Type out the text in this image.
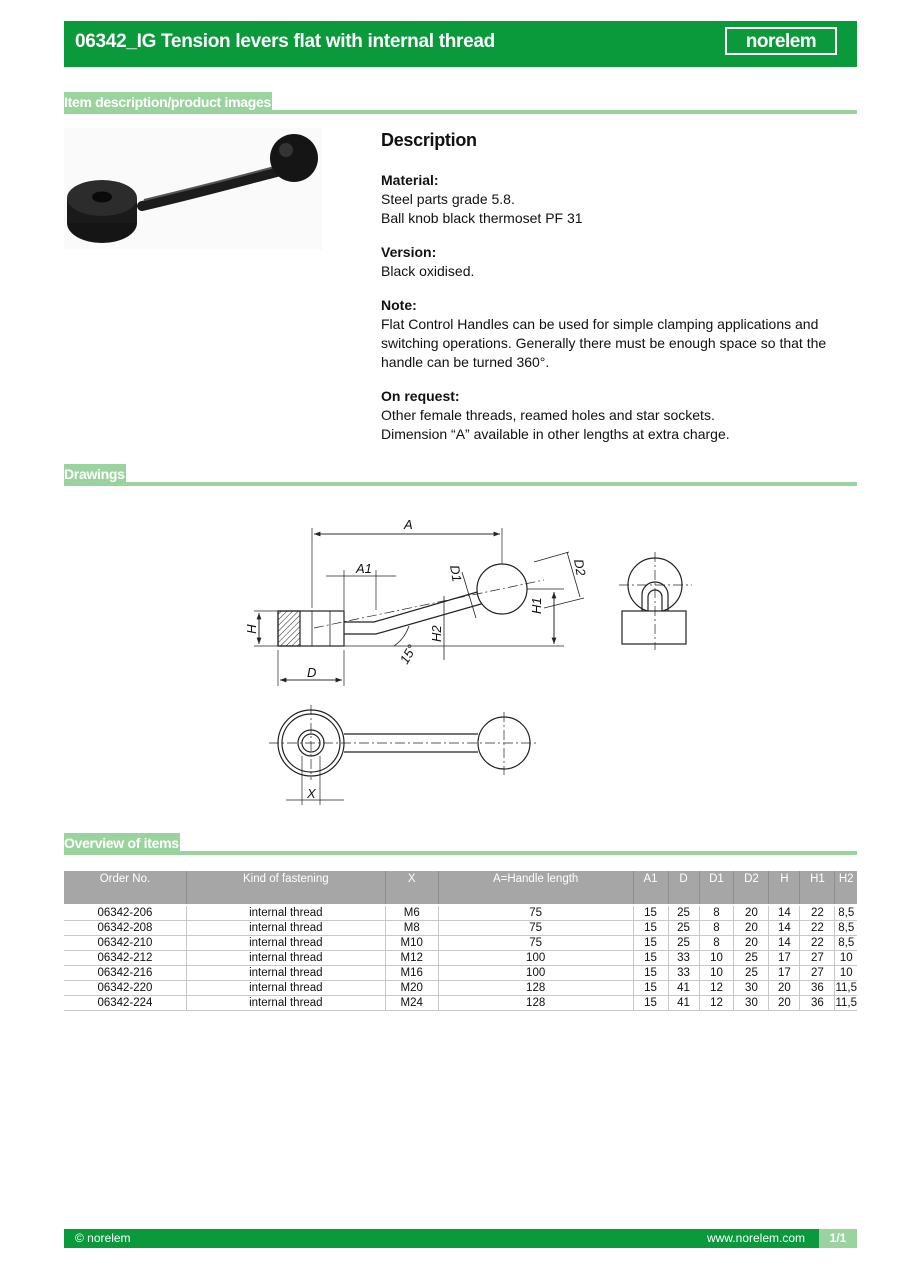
06342_IG Tension levers flat with internal thread	norelem
Item description/product images
Description
Material:
Steel parts grade 5.8.
Ball knob black thermoset PF 31
Version:
Black oxidised.
Note:
Flat Control Handles can be used for simple clamping applications and switching operations. Generally there must be enough space so that the handle can be turned 360°.
On request:
Other female threads, reamed holes and star sockets.
Dimension “A” available in other lengths at extra charge.
Drawings
A
A1	D1	D2
H
H1
H2
D
15°
X
Overview of items
Order No.	Kind of fastening	X	A=Handle length	A1	D	D1	D2	H	H1	H2

06342-206	internal thread	M6	75	15	25	8	20	14	22	8,5
06342-208	internal thread	M8	75	15	25	8	20	14	22	8,5
06342-210	internal thread	M10	75	15	25	8	20	14	22	8,5
06342-212	internal thread	M12	100	15	33	10	25	17	27	10
06342-216	internal thread	M16	100	15	33	10	25	17	27	10
06342-220	internal thread	M20	128	15	41	12	30	20	36	11,5
06342-224	internal thread	M24	128	15	41	12	30	20	36	11,5
© norelem	www.norelem.com	1/1
